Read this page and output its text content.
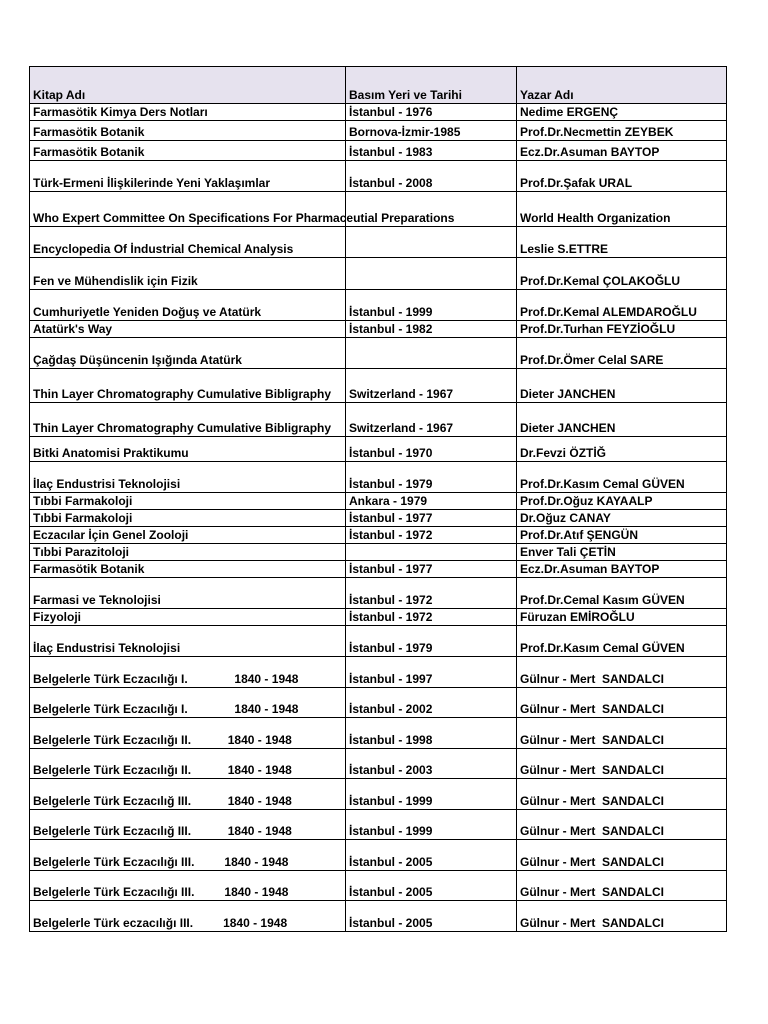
Kitap Adı	Basım Yeri ve Tarihi	Yazar Adı
Farmasötik Kimya Ders Notları	İstanbul - 1976	Nedime ERGENÇ
Farmasötik Botanik	Bornova-İzmir-1985	Prof.Dr.Necmettin ZEYBEK
Farmasötik Botanik	İstanbul - 1983	Ecz.Dr.Asuman BAYTOP
Türk-Ermeni İlişkilerinde Yeni Yaklaşımlar	İstanbul - 2008	Prof.Dr.Şafak URAL
Who Expert Committee On Specifications For Pharmaceutial Preparations		World Health Organization
Encyclopedia Of İndustrial Chemical Analysis		Leslie S.ETTRE
Fen ve Mühendislik için Fizik		Prof.Dr.Kemal ÇOLAKOĞLU
Cumhuriyetle Yeniden Doğuş ve Atatürk	İstanbul - 1999	Prof.Dr.Kemal ALEMDAROĞLU
Atatürk's Way	İstanbul - 1982	Prof.Dr.Turhan FEYZİOĞLU
Çağdaş Düşüncenin Işığında Atatürk		Prof.Dr.Ömer Celal SARE
Thin Layer Chromatography Cumulative Bibligraphy	Switzerland - 1967	Dieter JANCHEN
Thin Layer Chromatography Cumulative Bibligraphy	Switzerland - 1967	Dieter JANCHEN
Bitki Anatomisi Praktikumu	İstanbul - 1970	Dr.Fevzi ÖZTİĞ
İlaç Endustrisi Teknolojisi	İstanbul - 1979	Prof.Dr.Kasım Cemal GÜVEN
Tıbbi Farmakoloji	Ankara - 1979	Prof.Dr.Oğuz KAYAALP
Tıbbi Farmakoloji	İstanbul - 1977	Dr.Oğuz CANAY
Eczacılar İçin Genel Zooloji	İstanbul - 1972	Prof.Dr.Atıf ŞENGÜN
Tıbbi Parazitoloji		Enver Tali ÇETİN
Farmasötik Botanik	İstanbul - 1977	Ecz.Dr.Asuman BAYTOP
Farmasi ve Teknolojisi	İstanbul - 1972	Prof.Dr.Cemal Kasım GÜVEN
Fizyoloji	İstanbul - 1972	Füruzan EMİROĞLU
İlaç Endustrisi Teknolojisi	İstanbul - 1979	Prof.Dr.Kasım Cemal GÜVEN
Belgelerle Türk Eczacılığı I.              1840 - 1948	İstanbul - 1997	Gülnur - Mert  SANDALCI
Belgelerle Türk Eczacılığı I.              1840 - 1948	İstanbul - 2002	Gülnur - Mert  SANDALCI
Belgelerle Türk Eczacılığı II.           1840 - 1948	İstanbul - 1998	Gülnur - Mert  SANDALCI
Belgelerle Türk Eczacılığı II.           1840 - 1948	İstanbul - 2003	Gülnur - Mert  SANDALCI
Belgelerle Türk Eczacılığ III.           1840 - 1948	İstanbul - 1999	Gülnur - Mert  SANDALCI
Belgelerle Türk Eczacılığ III.           1840 - 1948	İstanbul - 1999	Gülnur - Mert  SANDALCI
Belgelerle Türk Eczacılığı III.         1840 - 1948	İstanbul - 2005	Gülnur - Mert  SANDALCI
Belgelerle Türk Eczacılığı III.         1840 - 1948	İstanbul - 2005	Gülnur - Mert  SANDALCI
Belgelerle Türk eczacılığı III.         1840 - 1948	İstanbul - 2005	Gülnur - Mert  SANDALCI
